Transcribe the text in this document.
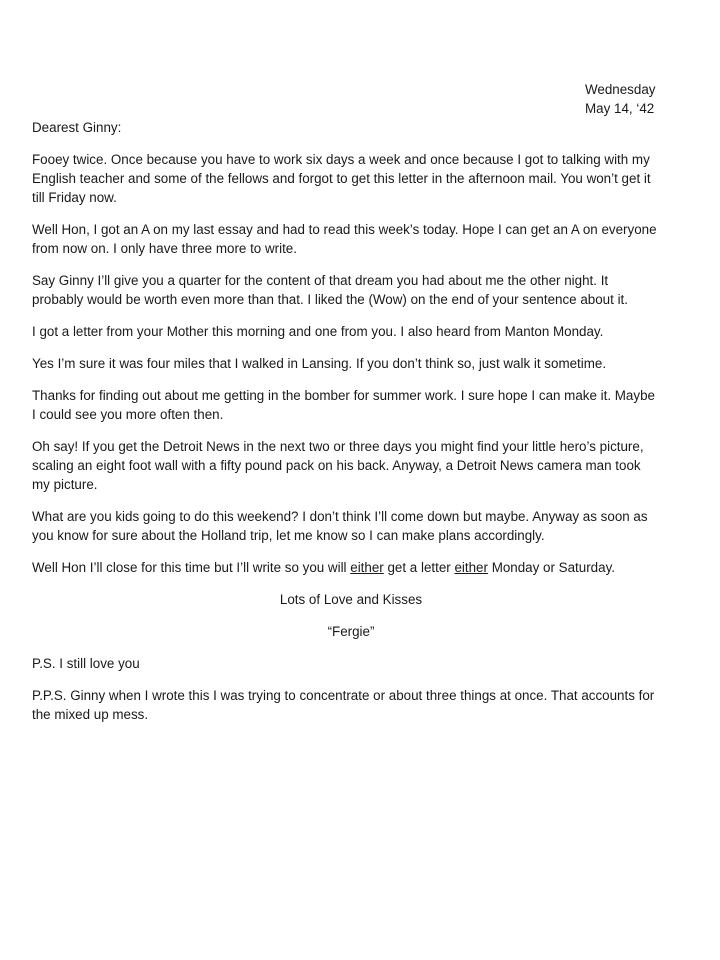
Wednesday
May 14, ‘42
Dearest Ginny:

Fooey twice. Once because you have to work six days a week and once because I got to talking with my English teacher and some of the fellows and forgot to get this letter in the afternoon mail. You won’t get it till Friday now.

Well Hon, I got an A on my last essay and had to read this week’s today. Hope I can get an A on everyone from now on. I only have three more to write.

Say Ginny I’ll give you a quarter for the content of that dream you had about me the other night. It probably would be worth even more than that. I liked the (Wow) on the end of your sentence about it.

I got a letter from your Mother this morning and one from you. I also heard from Manton Monday.

Yes I’m sure it was four miles that I walked in Lansing. If you don’t think so, just walk it sometime.

Thanks for finding out about me getting in the bomber for summer work. I sure hope I can make it. Maybe I could see you more often then.

Oh say! If you get the Detroit News in the next two or three days you might find your little hero’s picture, scaling an eight foot wall with a fifty pound pack on his back. Anyway, a Detroit News camera man took my picture.

What are you kids going to do this weekend? I don’t think I’ll come down but maybe. Anyway as soon as you know for sure about the Holland trip, let me know so I can make plans accordingly.

Well Hon I’ll close for this time but I’ll write so you will either get a letter either Monday or Saturday.

Lots of Love and Kisses
“Fergie”

P.S. I still love you

P.P.S. Ginny when I wrote this I was trying to concentrate or about three things at once. That accounts for the mixed up mess.
